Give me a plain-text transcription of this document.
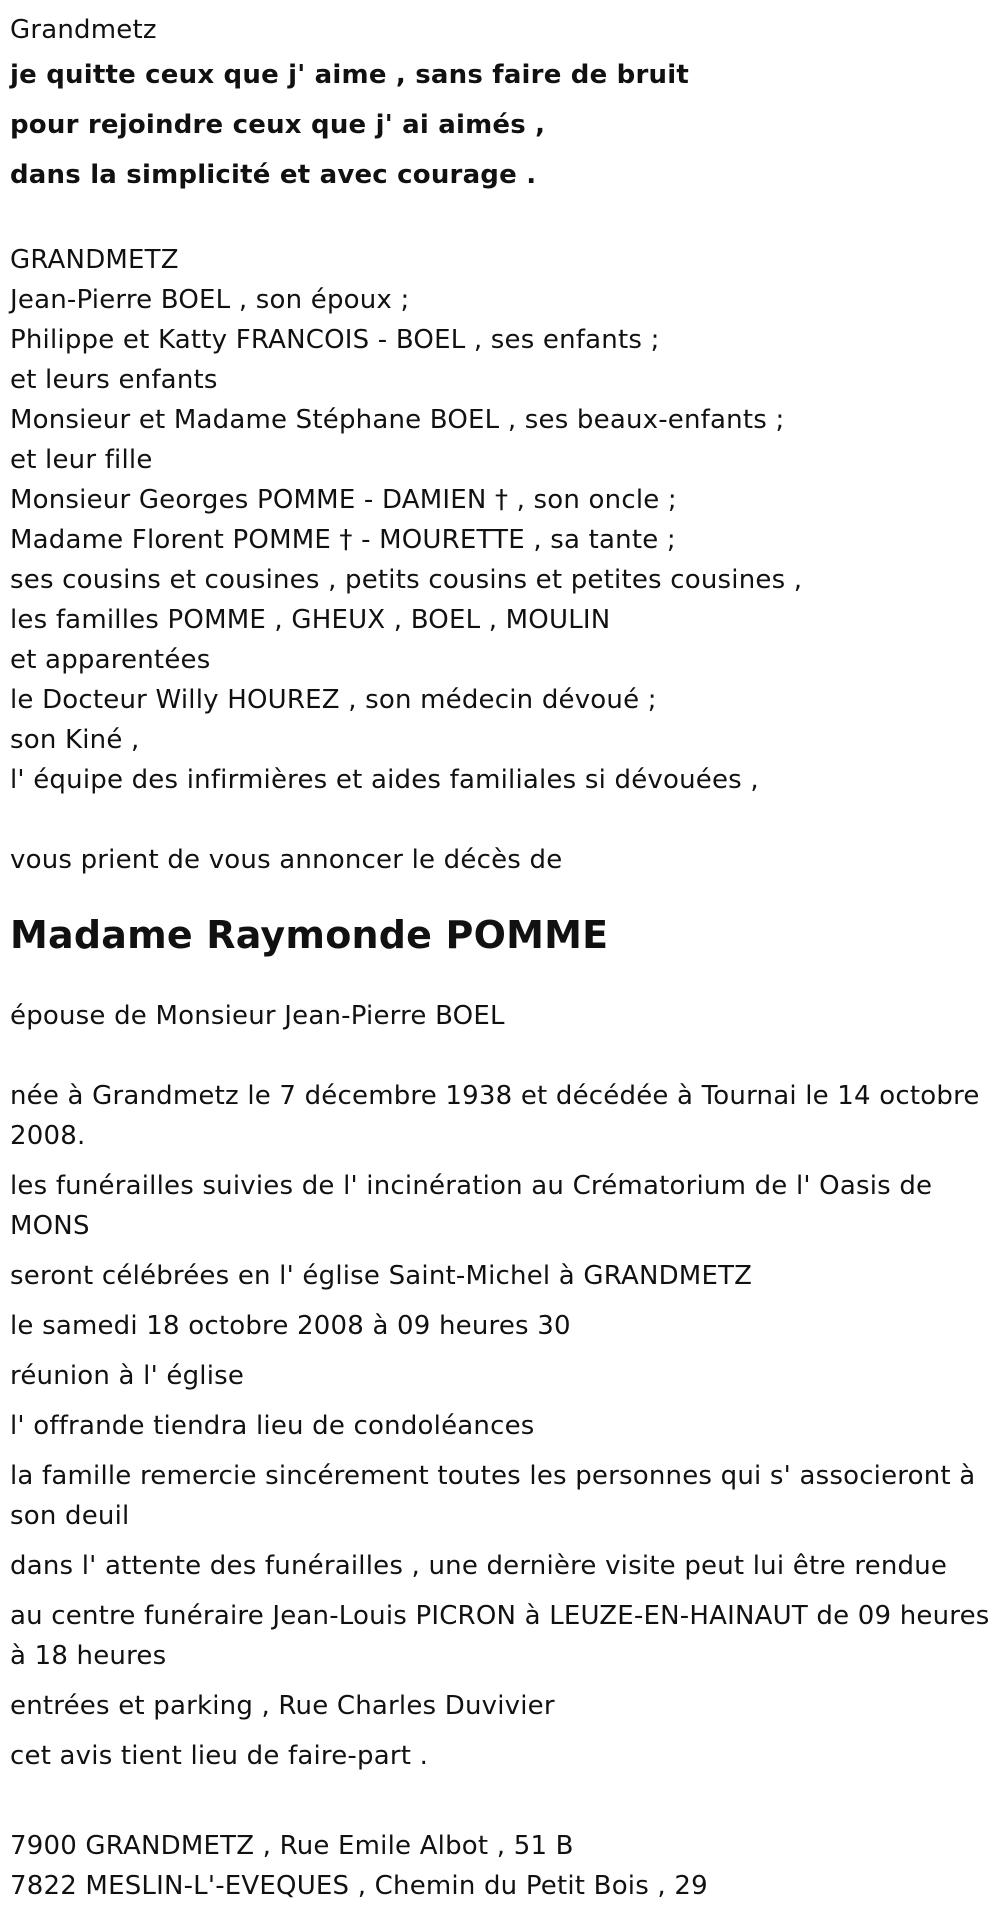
Grandmetz
je quitte ceux que j' aime , sans faire de bruit
pour rejoindre ceux que j' ai aimés ,
dans la simplicité et avec courage .
GRANDMETZ
Jean-Pierre BOEL , son époux ;
Philippe et Katty FRANCOIS - BOEL , ses enfants ;
et leurs enfants
Monsieur et Madame Stéphane BOEL , ses beaux-enfants ;
et leur fille
Monsieur Georges POMME - DAMIEN † , son oncle ;
Madame Florent POMME † - MOURETTE , sa tante ;
ses cousins et cousines , petits cousins et petites cousines ,
les familles POMME , GHEUX , BOEL , MOULIN
et apparentées
le Docteur Willy HOUREZ , son médecin dévoué ;
son Kiné ,
l' équipe des infirmières et aides familiales si dévouées ,
vous prient de vous annoncer le décès de
Madame Raymonde POMME
épouse de Monsieur Jean-Pierre BOEL
née à Grandmetz le 7 décembre 1938 et décédée à Tournai le 14 octobre 2008.
les funérailles suivies de l' incinération au Crématorium de l' Oasis de MONS
seront célébrées en l' église Saint-Michel à GRANDMETZ
le samedi 18 octobre 2008 à 09 heures 30
réunion à l' église
l' offrande tiendra lieu de condoléances
la famille remercie sincérement toutes les personnes qui s' associeront à son deuil
dans l' attente des funérailles , une dernière visite peut lui être rendue
au centre funéraire Jean-Louis PICRON à LEUZE-EN-HAINAUT de 09 heures à 18 heures
entrées et parking , Rue Charles Duvivier
cet avis tient lieu de faire-part .
7900 GRANDMETZ , Rue Emile Albot , 51 B
7822 MESLIN-L'-EVEQUES , Chemin du Petit Bois , 29
